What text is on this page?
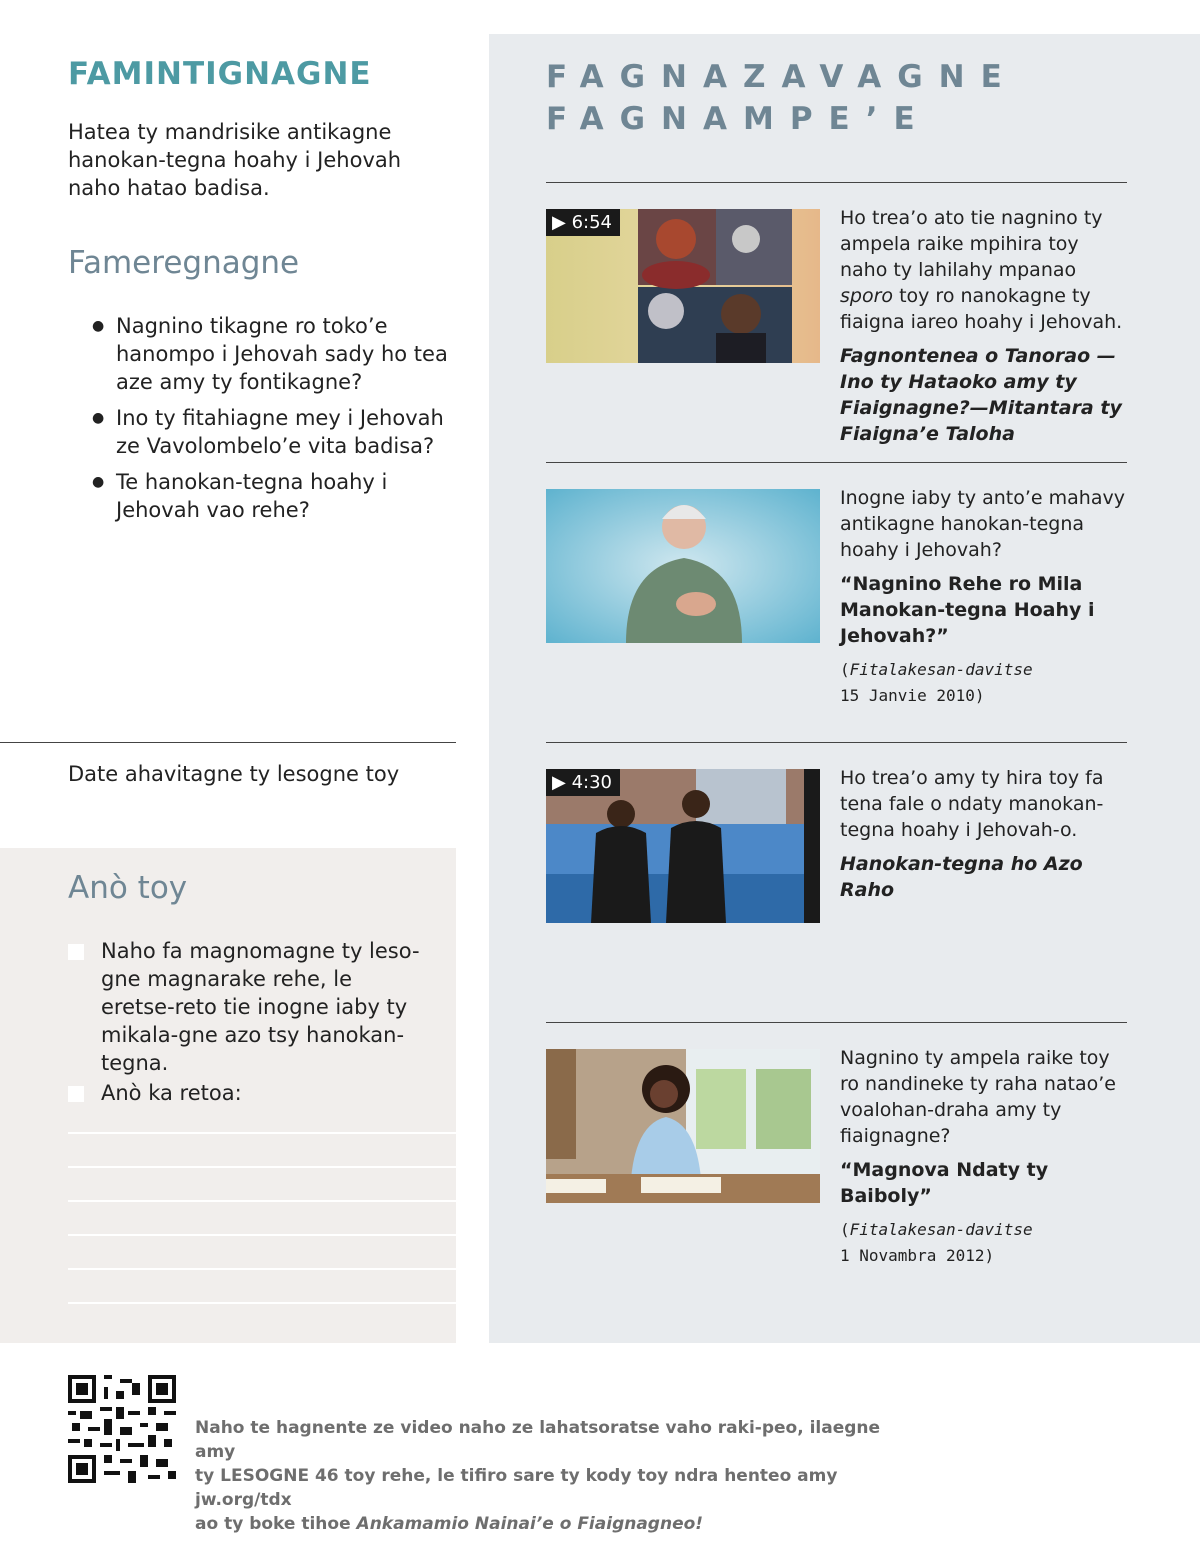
FAMINTIGNAGNE

Hatea ty mandrisike antikagne hanokan-tegna hoahy i Jehovah naho hatao badisa.

Fameregnagne
● Nagnino tikagne ro toko’e hanompo i Jehovah sady ho tea aze amy ty fontikagne?
● Ino ty fitahiagne mey i Jehovah ze Vavolombelo’e vita badisa?
● Te hanokan-tegna hoahy i Jehovah vao rehe?
Date ahavitagne ty lesogne toy
Anò toy
Naho fa magnomagne ty leso-gne magnarake rehe, le eretse-reto tie inogne iaby ty mikala-gne azo tsy hanokan-tegna.
Anò ka retoa:
FAGNAZAVAGNE
FAGNAMPE’E
▶ 6:54	Ho trea’o ato tie nagnino ty ampela raike mpihira toy naho ty lahilahy mpanao sporo toy ro nanokagne ty fiaigna iareo hoahy i Jehovah.

Fagnontenea o Tanorao —Ino ty Hataoko amy ty Fiaignagne?—Mitantara ty Fiaigna’e Taloha

Inogne iaby ty anto’e mahavy antikagne hanokan-tegna hoahy i Jehovah?

“Nagnino Rehe ro Mila Manokan-tegna Hoahy i Jehovah?”

(Fitalakesan-davitse
15 Janvie 2010)

▶ 4:30	Ho trea’o amy ty hira toy fa tena fale o ndaty manokan-tegna hoahy i Jehovah-o.

Hanokan-tegna ho Azo Raho

Nagnino ty ampela raike toy ro nandineke ty raha natao’e voalohan-draha amy ty fiaignagne?

“Magnova Ndaty ty Baiboly”

(Fitalakesan-davitse
1 Novambra 2012)

Naho te hagnente ze video naho ze lahatsoratse vaho raki-peo, ilaegne amy
ty LESOGNE 46 toy rehe, le tifiro sare ty kody toy ndra henteo amy jw.org/tdx
ao ty boke tihoe Ankamamio Nainai’e o Fiaignagneo!
